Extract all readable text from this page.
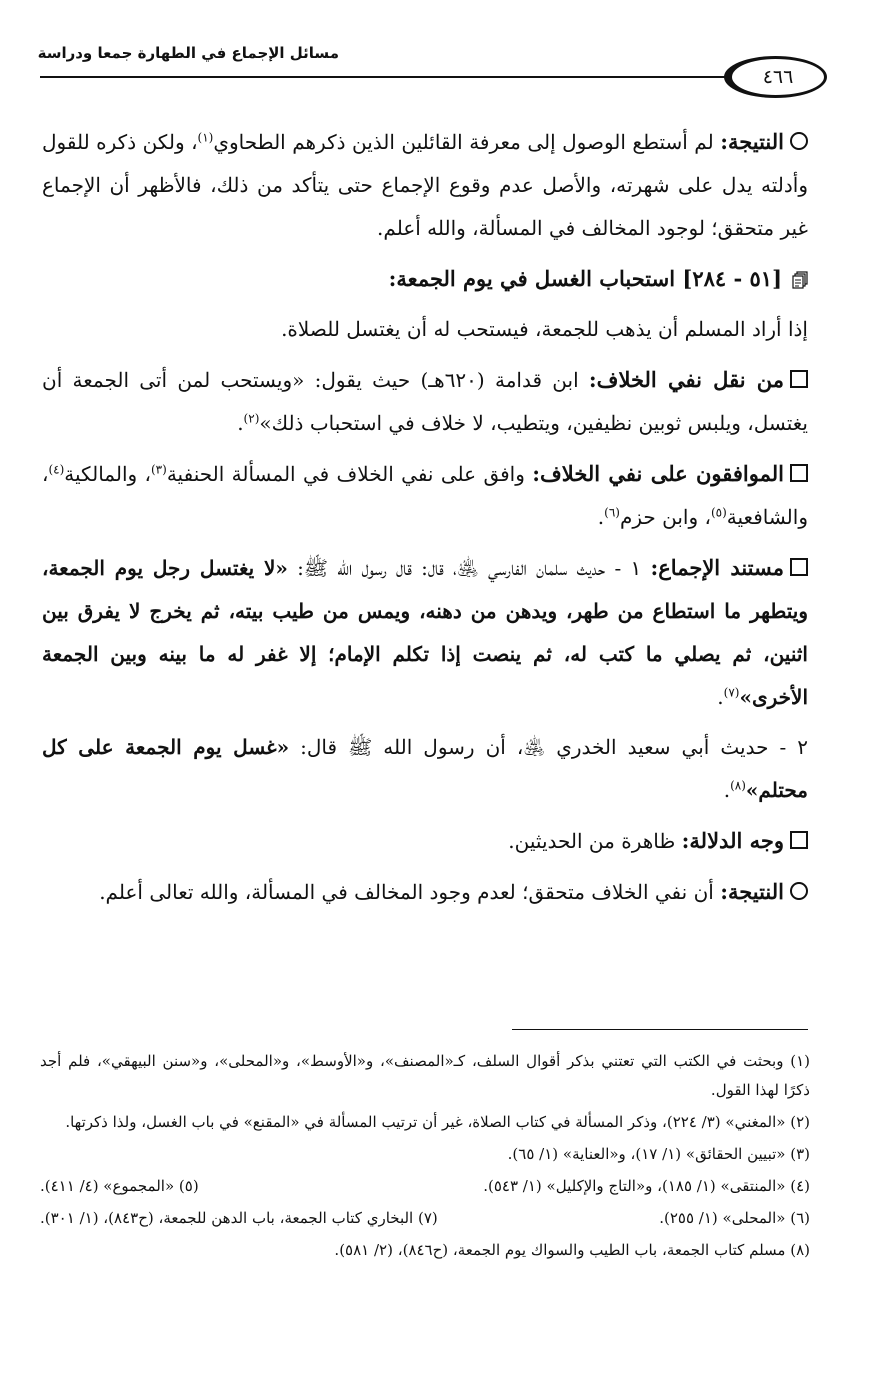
مسائل الإجماع في الطهارة جمعا ودراسة
٤٦٦

النتيجة: لم أستطع الوصول إلى معرفة القائلين الذين ذكرهم الطحاوي$^{(١)}$، ولكن ذكره للقول وأدلته يدل على شهرته، والأصل عدم وقوع الإجماع حتى يتأكد من ذلك، فالأظهر أن الإجماع غير متحقق؛ لوجود المخالف في المسألة، والله أعلم.

[٥١ - ٢٨٤] استحباب الغسل في يوم الجمعة:

إذا أراد المسلم أن يذهب للجمعة، فيستحب له أن يغتسل للصلاة.

من نقل نفي الخلاف: ابن قدامة (٦٢٠هـ) حيث يقول: «ويستحب لمن أتى الجمعة أن يغتسل، ويلبس ثوبين نظيفين، ويتطيب، لا خلاف في استحباب ذلك»$^{(٢)}$.

الموافقون على نفي الخلاف: وافق على نفي الخلاف في المسألة الحنفية$^{(٣)}$، والمالكية$^{(٤)}$، والشافعية$^{(٥)}$، وابن حزم$^{(٦)}$.

مستند الإجماع: ١ - حديث سلمان الفارسي ﵁، قال: قال رسول الله ﷺ: «لا يغتسل رجل يوم الجمعة، ويتطهر ما استطاع من طهر، ويدهن من دهنه، ويمس من طيب بيته، ثم يخرج لا يفرق بين اثنين، ثم يصلي ما كتب له، ثم ينصت إذا تكلم الإمام؛ إلا غفر له ما بينه وبين الجمعة الأخرى»$^{(٧)}$.

٢ - حديث أبي سعيد الخدري ﵁، أن رسول الله ﷺ قال: «غسل يوم الجمعة على كل محتلم»$^{(٨)}$.

وجه الدلالة: ظاهرة من الحديثين.

النتيجة: أن نفي الخلاف متحقق؛ لعدم وجود المخالف في المسألة، والله تعالى أعلم.

(١) وبحثت في الكتب التي تعتني بذكر أقوال السلف، كـ«المصنف»، و«الأوسط»، و«المحلى»، و«سنن البيهقي»، فلم أجد ذكرًا لهذا القول.
(٢) «المغني» (٣/ ٢٢٤)، وذكر المسألة في كتاب الصلاة، غير أن ترتيب المسألة في «المقنع» في باب الغسل، ولذا ذكرتها.
(٣) «تبيين الحقائق» (١/ ١٧)، و«العناية» (١/ ٦٥).
(٤) «المنتقى» (١/ ١٨٥)، و«التاج والإكليل» (١/ ٥٤٣).
(٥) «المجموع» (٤/ ٤١١).
(٦) «المحلى» (١/ ٢٥٥).
(٧) البخاري كتاب الجمعة، باب الدهن للجمعة، (ح٨٤٣)، (١/ ٣٠١).
(٨) مسلم كتاب الجمعة، باب الطيب والسواك يوم الجمعة، (ح٨٤٦)، (٢/ ٥٨١).
